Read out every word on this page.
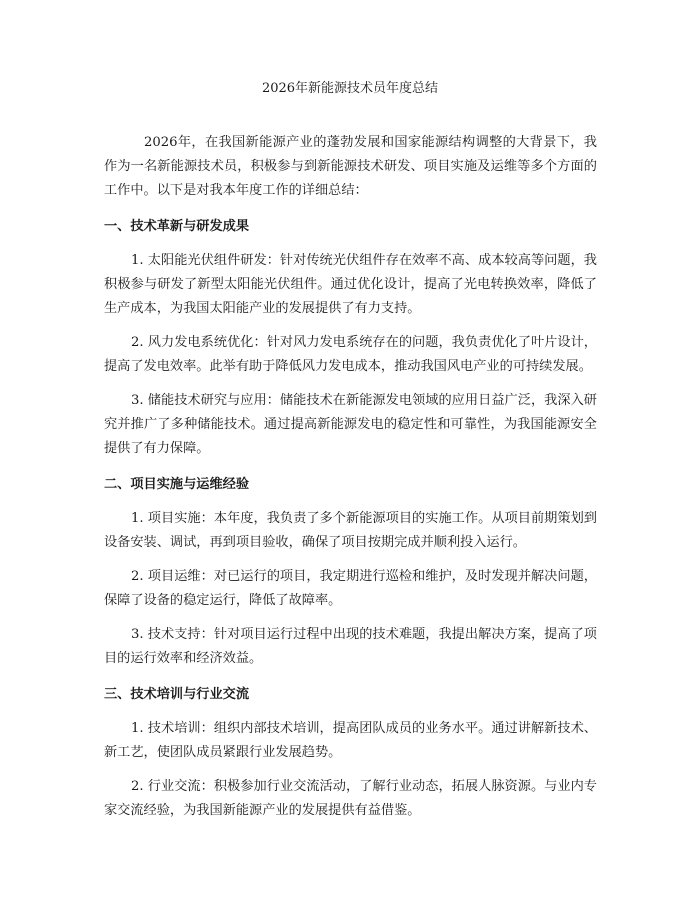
2026年新能源技术员年度总结

2026年，在我国新能源产业的蓬勃发展和国家能源结构调整的大背景下，我作为一名新能源技术员，积极参与到新能源技术研发、项目实施及运维等多个方面的工作中。以下是对我本年度工作的详细总结：

一、技术革新与研发成果

1. 太阳能光伏组件研发：针对传统光伏组件存在效率不高、成本较高等问题，我积极参与研发了新型太阳能光伏组件。通过优化设计，提高了光电转换效率，降低了生产成本，为我国太阳能产业的发展提供了有力支持。

2. 风力发电系统优化：针对风力发电系统存在的问题，我负责优化了叶片设计，提高了发电效率。此举有助于降低风力发电成本，推动我国风电产业的可持续发展。

3. 储能技术研究与应用：储能技术在新能源发电领域的应用日益广泛，我深入研究并推广了多种储能技术。通过提高新能源发电的稳定性和可靠性，为我国能源安全提供了有力保障。

二、项目实施与运维经验

1. 项目实施：本年度，我负责了多个新能源项目的实施工作。从项目前期策划到设备安装、调试，再到项目验收，确保了项目按期完成并顺利投入运行。

2. 项目运维：对已运行的项目，我定期进行巡检和维护，及时发现并解决问题，保障了设备的稳定运行，降低了故障率。

3. 技术支持：针对项目运行过程中出现的技术难题，我提出解决方案，提高了项目的运行效率和经济效益。

三、技术培训与行业交流

1. 技术培训：组织内部技术培训，提高团队成员的业务水平。通过讲解新技术、新工艺，使团队成员紧跟行业发展趋势。

2. 行业交流：积极参加行业交流活动，了解行业动态，拓展人脉资源。与业内专家交流经验，为我国新能源产业的发展提供有益借鉴。
